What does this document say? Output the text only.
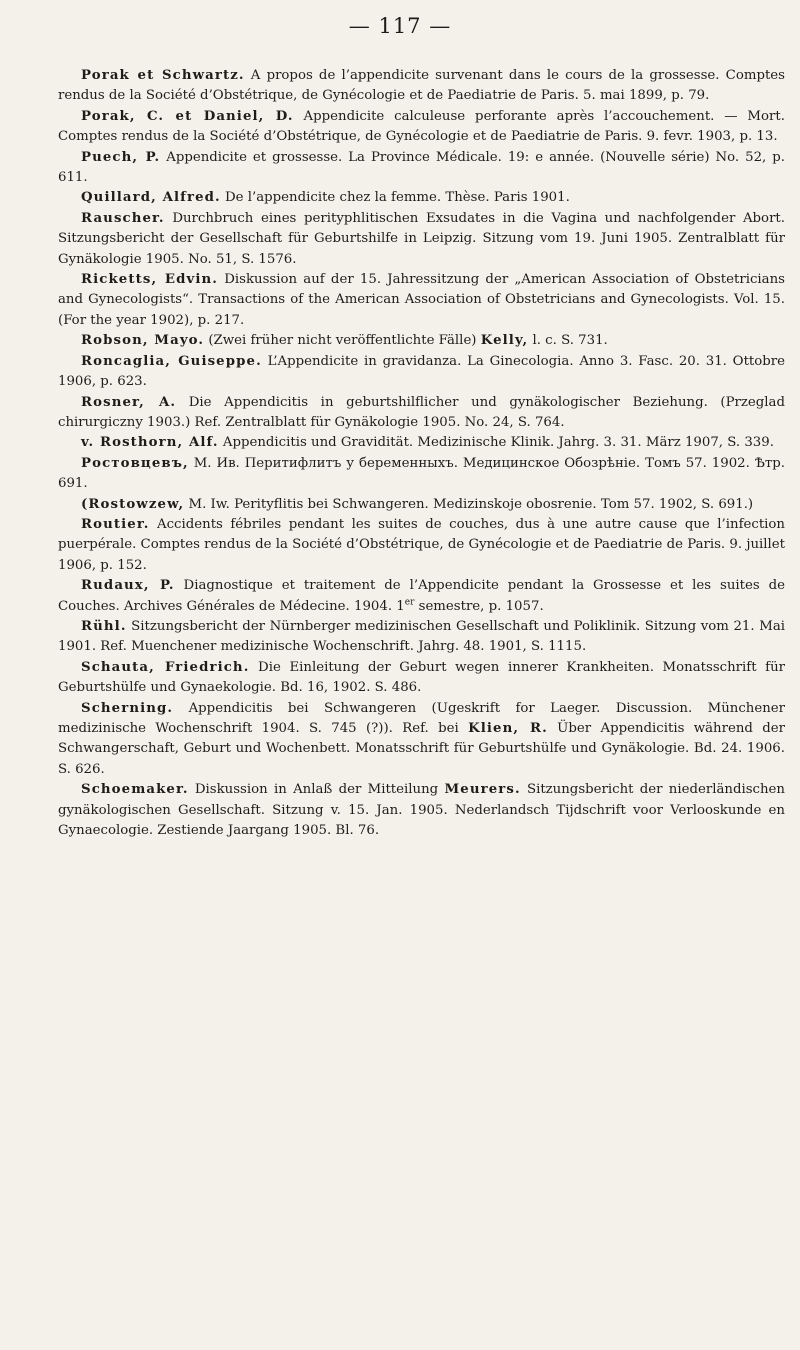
— 117 —

Porak et Schwartz. A propos de l’appendicite survenant dans le cours de la grossesse. Comptes rendus de la Société d’Obstétrique, de Gynécologie et de Paediatrie de Paris. 5. mai 1899, p. 79.

Porak, C. et Daniel, D. Appendicite calculeuse perforante après l’accouchement. — Mort. Comptes rendus de la Société d’Obstétrique, de Gynécologie et de Paediatrie de Paris. 9. fevr. 1903, p. 13.

Puech, P. Appendicite et grossesse. La Province Médicale. 19: e année. (Nouvelle série) No. 52, p. 611.

Quillard, Alfred. De l’appendicite chez la femme. Thèse. Paris 1901.

Rauscher. Durchbruch eines perityphlitischen Exsudates in die Vagina und nachfolgender Abort. Sitzungsbericht der Gesellschaft für Geburtshilfe in Leipzig. Sitzung vom 19. Juni 1905. Zentralblatt für Gynäkologie 1905. No. 51, S. 1576.

Ricketts, Edvin. Diskussion auf der 15. Jahressitzung der „American Association of Obstetricians and Gynecologists“. Transactions of the American Association of Obstetricians and Gynecologists. Vol. 15. (For the year 1902), p. 217.

Robson, Mayo. (Zwei früher nicht veröffentlichte Fälle) Kelly, l. c. S. 731.

Roncaglia, Guiseppe. L’Appendicite in gravidanza. La Ginecologia. Anno 3. Fasc. 20. 31. Ottobre 1906, p. 623.

Rosner, A. Die Appendicitis in geburtshilflicher und gynäkologischer Beziehung. (Przeglad chirurgiczny 1903.) Ref. Zentralblatt für Gynäkologie 1905. No. 24, S. 764.

v. Rosthorn, Alf. Appendicitis und Gravidität. Medizinische Klinik. Jahrg. 3. 31. März 1907, S. 339.

Ростовцевъ, М. Ив. Перитифлитъ у беременныхъ. Медицинское Обозрѣніе. Томъ 57. 1902. Ѣтр. 691.

(Rostowzew, M. Iw. Perityflitis bei Schwangeren. Medizinskoje obosrenie. Tom 57. 1902, S. 691.)

Routier. Accidents fébriles pendant les suites de couches, dus à une autre cause que l’infection puerpérale. Comptes rendus de la Société d’Obstétrique, de Gynécologie et de Paediatrie de Paris. 9. juillet 1906, p. 152.

Rudaux, P. Diagnostique et traitement de l’Appendicite pendant la Grossesse et les suites de Couches. Archives Générales de Médecine. 1904. 1er semestre, p. 1057.

Rühl. Sitzungsbericht der Nürnberger medizinischen Gesellschaft und Poliklinik. Sitzung vom 21. Mai 1901. Ref. Muenchener medizinische Wochenschrift. Jahrg. 48. 1901, S. 1115.

Schauta, Friedrich. Die Einleitung der Geburt wegen innerer Krankheiten. Monatsschrift für Geburtshülfe und Gynaekologie. Bd. 16, 1902. S. 486.

Scherning. Appendicitis bei Schwangeren (Ugeskrift for Laeger. Discussion. Münchener medizinische Wochenschrift 1904. S. 745 (?)). Ref. bei Klien, R. Über Appendicitis während der Schwangerschaft, Geburt und Wochenbett. Monatsschrift für Geburtshülfe und Gynäkologie. Bd. 24. 1906. S. 626.

Schoemaker. Diskussion in Anlaß der Mitteilung Meurers. Sitzungsbericht der niederländischen gynäkologischen Gesellschaft. Sitzung v. 15. Jan. 1905. Nederlandsch Tijdschrift voor Verlooskunde en Gynaecologie. Zestiende Jaargang 1905. Bl. 76.
